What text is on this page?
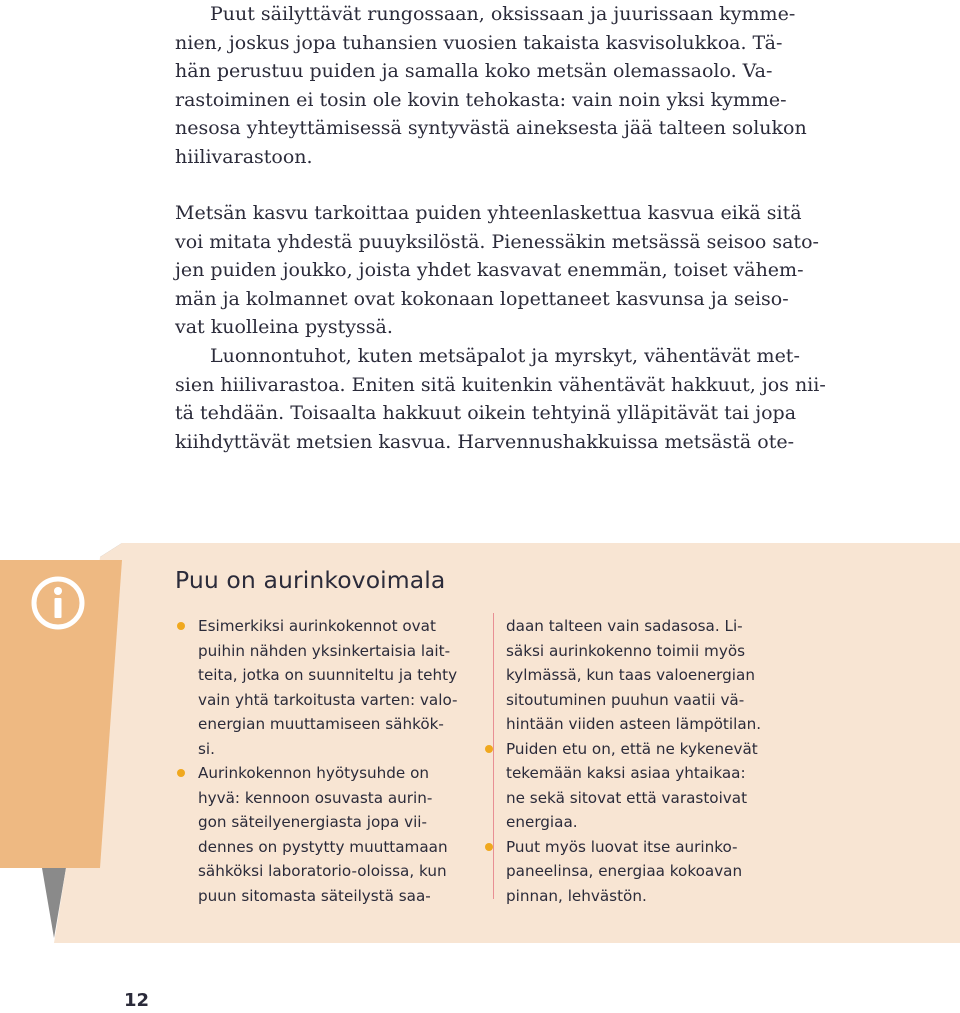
Puut säilyttävät rungossaan, oksissaan ja juurissaan kymme-
nien, joskus jopa tuhansien vuosien takaista kasvisolukkoa. Tä-
hän perustuu puiden ja samalla koko metsän olemassaolo. Va-
rastoiminen ei tosin ole kovin tehokasta: vain noin yksi kymme-
nesosa yhteyttämisessä syntyvästä aineksesta jää talteen solukon
hiilivarastoon.
Metsän kasvu tarkoittaa puiden yhteenlaskettua kasvua eikä sitä
voi mitata yhdestä puuyksilöstä. Pienessäkin metsässä seisoo sato-
jen puiden joukko, joista yhdet kasvavat enemmän, toiset vähem-
män ja kolmannet ovat kokonaan lopettaneet kasvunsa ja seiso-
vat kuolleina pystyssä.
Luonnontuhot, kuten metsäpalot ja myrskyt, vähentävät met-
sien hiilivarastoa. Eniten sitä kuitenkin vähentävät hakkuut, jos nii-
tä tehdään. Toisaalta hakkuut oikein tehtyinä ylläpitävät tai jopa
kiihdyttävät metsien kasvua. Harvennushakkuissa metsästä ote-
Puu on aurinkovoimala
Esimerkiksi aurinkokennot ovat
puihin nähden yksinkertaisia lait-
teita, jotka on suunniteltu ja tehty
vain yhtä tarkoitusta varten: valo-
energian muuttamiseen sähkök-
si.
Aurinkokennon hyötysuhde on
hyvä: kennoon osuvasta aurin-
gon säteilyenergiasta jopa vii-
dennes on pystytty muuttamaan
sähköksi laboratorio-oloissa, kun
puun sitomasta säteilystä saa-
daan talteen vain sadasosa. Li-
säksi aurinkokenno toimii myös
kylmässä, kun taas valoenergian
sitoutuminen puuhun vaatii vä-
hintään viiden asteen lämpötilan.
Puiden etu on, että ne kykenevät
tekemään kaksi asiaa yhtaikaa:
ne sekä sitovat että varastoivat
energiaa.
Puut myös luovat itse aurinko-
paneelinsa, energiaa kokoavan
pinnan, lehvästön.
12
